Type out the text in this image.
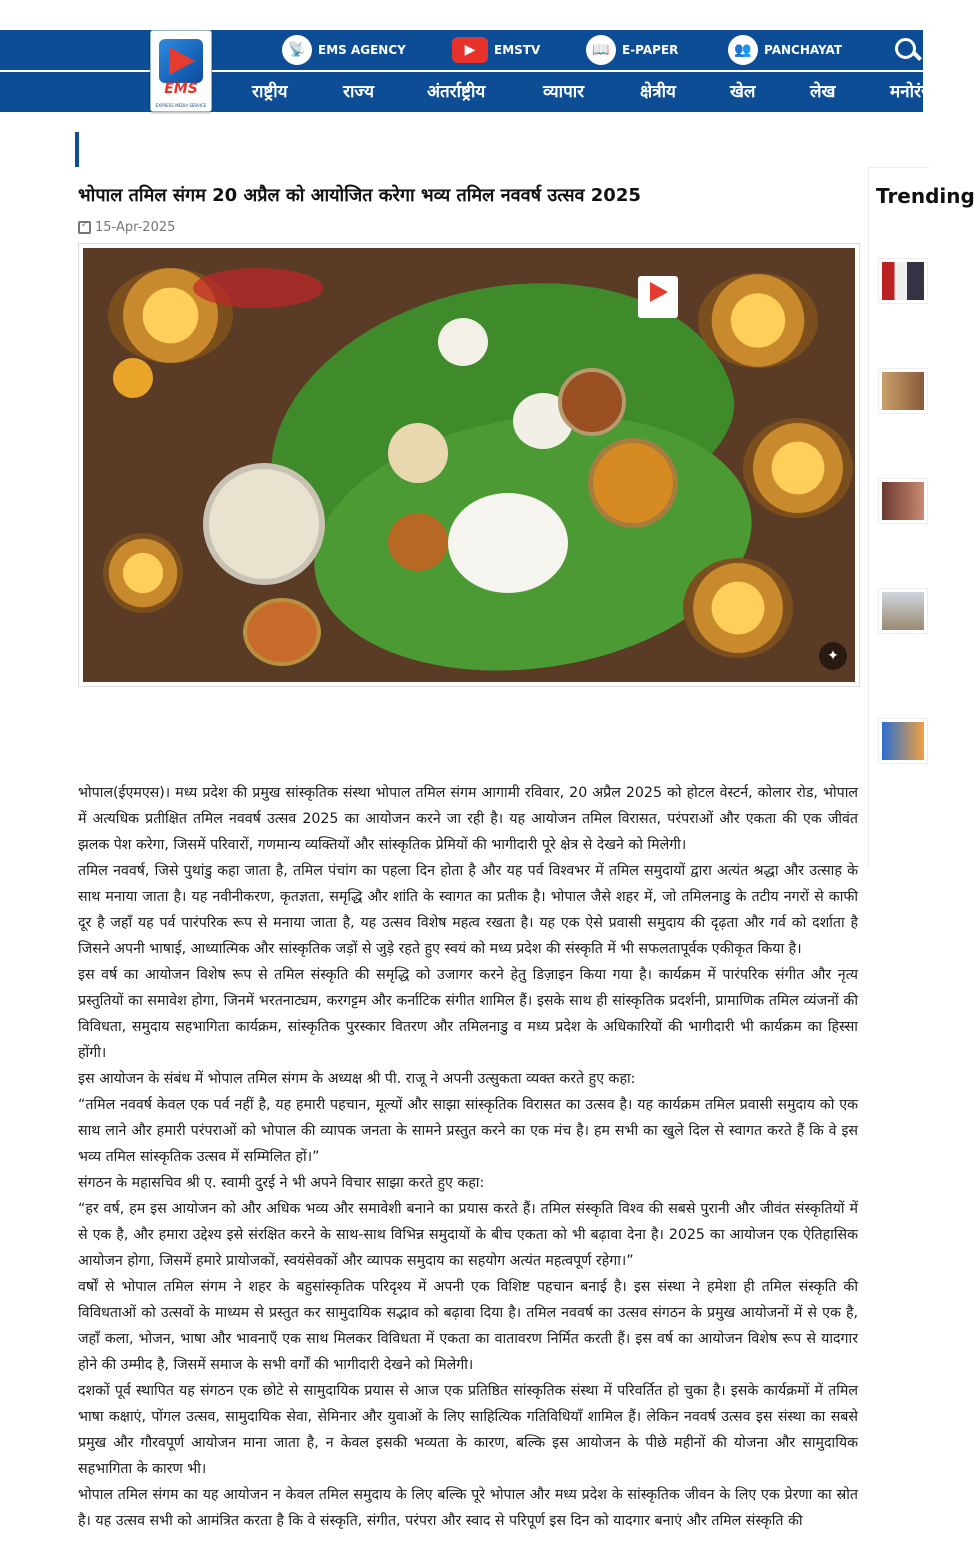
EMS
EXPRESS MEDIA SERVICE
📡	EMS AGENCY	▶	EMSTV	📖	E-PAPER	👥	PANCHAYAT
राष्ट्रीय	राज्य	अंतर्राष्ट्रीय	व्यापार	क्षेत्रीय	खेल	लेख	मनोरंजन
भोपाल तमिल संगम 20 अप्रैल को आयोजित करेगा भव्य तमिल नववर्ष उत्सव 2025
✓
15-Apr-2025
✦

भोपाल(ईएमएस)। मध्य प्रदेश की प्रमुख सांस्कृतिक संस्था भोपाल तमिल संगम आगामी रविवार, 20 अप्रैल 2025 को होटल वेस्टर्न, कोलार रोड, भोपाल में अत्यधिक प्रतीक्षित तमिल नववर्ष उत्सव 2025 का आयोजन करने जा रही है। यह आयोजन तमिल विरासत, परंपराओं और एकता की एक जीवंत झलक पेश करेगा, जिसमें परिवारों, गणमान्य व्यक्तियों और सांस्कृतिक प्रेमियों की भागीदारी पूरे क्षेत्र से देखने को मिलेगी।

तमिल नववर्ष, जिसे पुथांडु कहा जाता है, तमिल पंचांग का पहला दिन होता है और यह पर्व विश्वभर में तमिल समुदायों द्वारा अत्यंत श्रद्धा और उत्साह के साथ मनाया जाता है। यह नवीनीकरण, कृतज्ञता, समृद्धि और शांति के स्वागत का प्रतीक है। भोपाल जैसे शहर में, जो तमिलनाडु के तटीय नगरों से काफी दूर है जहाँ यह पर्व पारंपरिक रूप से मनाया जाता है, यह उत्सव विशेष महत्व रखता है। यह एक ऐसे प्रवासी समुदाय की दृढ़ता और गर्व को दर्शाता है जिसने अपनी भाषाई, आध्यात्मिक और सांस्कृतिक जड़ों से जुड़े रहते हुए स्वयं को मध्य प्रदेश की संस्कृति में भी सफलतापूर्वक एकीकृत किया है।

इस वर्ष का आयोजन विशेष रूप से तमिल संस्कृति की समृद्धि को उजागर करने हेतु डिज़ाइन किया गया है। कार्यक्रम में पारंपरिक संगीत और नृत्य प्रस्तुतियों का समावेश होगा, जिनमें भरतनाट्यम, करगट्टम और कर्नाटिक संगीत शामिल हैं। इसके साथ ही सांस्कृतिक प्रदर्शनी, प्रामाणिक तमिल व्यंजनों की विविधता, समुदाय सहभागिता कार्यक्रम, सांस्कृतिक पुरस्कार वितरण और तमिलनाडु व मध्य प्रदेश के अधिकारियों की भागीदारी भी कार्यक्रम का हिस्सा होंगी।

इस आयोजन के संबंध में भोपाल तमिल संगम के अध्यक्ष श्री पी. राजू ने अपनी उत्सुकता व्यक्त करते हुए कहा:

“तमिल नववर्ष केवल एक पर्व नहीं है, यह हमारी पहचान, मूल्यों और साझा सांस्कृतिक विरासत का उत्सव है। यह कार्यक्रम तमिल प्रवासी समुदाय को एक साथ लाने और हमारी परंपराओं को भोपाल की व्यापक जनता के सामने प्रस्तुत करने का एक मंच है। हम सभी का खुले दिल से स्वागत करते हैं कि वे इस भव्य तमिल सांस्कृतिक उत्सव में सम्मिलित हों।”

संगठन के महासचिव श्री ए. स्वामी दुरई ने भी अपने विचार साझा करते हुए कहा:

“हर वर्ष, हम इस आयोजन को और अधिक भव्य और समावेशी बनाने का प्रयास करते हैं। तमिल संस्कृति विश्व की सबसे पुरानी और जीवंत संस्कृतियों में से एक है, और हमारा उद्देश्य इसे संरक्षित करने के साथ-साथ विभिन्न समुदायों के बीच एकता को भी बढ़ावा देना है। 2025 का आयोजन एक ऐतिहासिक आयोजन होगा, जिसमें हमारे प्रायोजकों, स्वयंसेवकों और व्यापक समुदाय का सहयोग अत्यंत महत्वपूर्ण रहेगा।”

वर्षों से भोपाल तमिल संगम ने शहर के बहुसांस्कृतिक परिदृश्य में अपनी एक विशिष्ट पहचान बनाई है। इस संस्था ने हमेशा ही तमिल संस्कृति की विविधताओं को उत्सवों के माध्यम से प्रस्तुत कर सामुदायिक सद्भाव को बढ़ावा दिया है। तमिल नववर्ष का उत्सव संगठन के प्रमुख आयोजनों में से एक है, जहाँ कला, भोजन, भाषा और भावनाएँ एक साथ मिलकर विविधता में एकता का वातावरण निर्मित करती हैं। इस वर्ष का आयोजन विशेष रूप से यादगार होने की उम्मीद है, जिसमें समाज के सभी वर्गों की भागीदारी देखने को मिलेगी।

दशकों पूर्व स्थापित यह संगठन एक छोटे से सामुदायिक प्रयास से आज एक प्रतिष्ठित सांस्कृतिक संस्था में परिवर्तित हो चुका है। इसके कार्यक्रमों में तमिल भाषा कक्षाएं, पोंगल उत्सव, सामुदायिक सेवा, सेमिनार और युवाओं के लिए साहित्यिक गतिविधियाँ शामिल हैं। लेकिन नववर्ष उत्सव इस संस्था का सबसे प्रमुख और गौरवपूर्ण आयोजन माना जाता है, न केवल इसकी भव्यता के कारण, बल्कि इस आयोजन के पीछे महीनों की योजना और सामुदायिक सहभागिता के कारण भी।

भोपाल तमिल संगम का यह आयोजन न केवल तमिल समुदाय के लिए बल्कि पूरे भोपाल और मध्य प्रदेश के सांस्कृतिक जीवन के लिए एक प्रेरणा का स्रोत है। यह उत्सव सभी को आमंत्रित करता है कि वे संस्कृति, संगीत, परंपरा और स्वाद से परिपूर्ण इस दिन को यादगार बनाएं और तमिल संस्कृति की

Trending
